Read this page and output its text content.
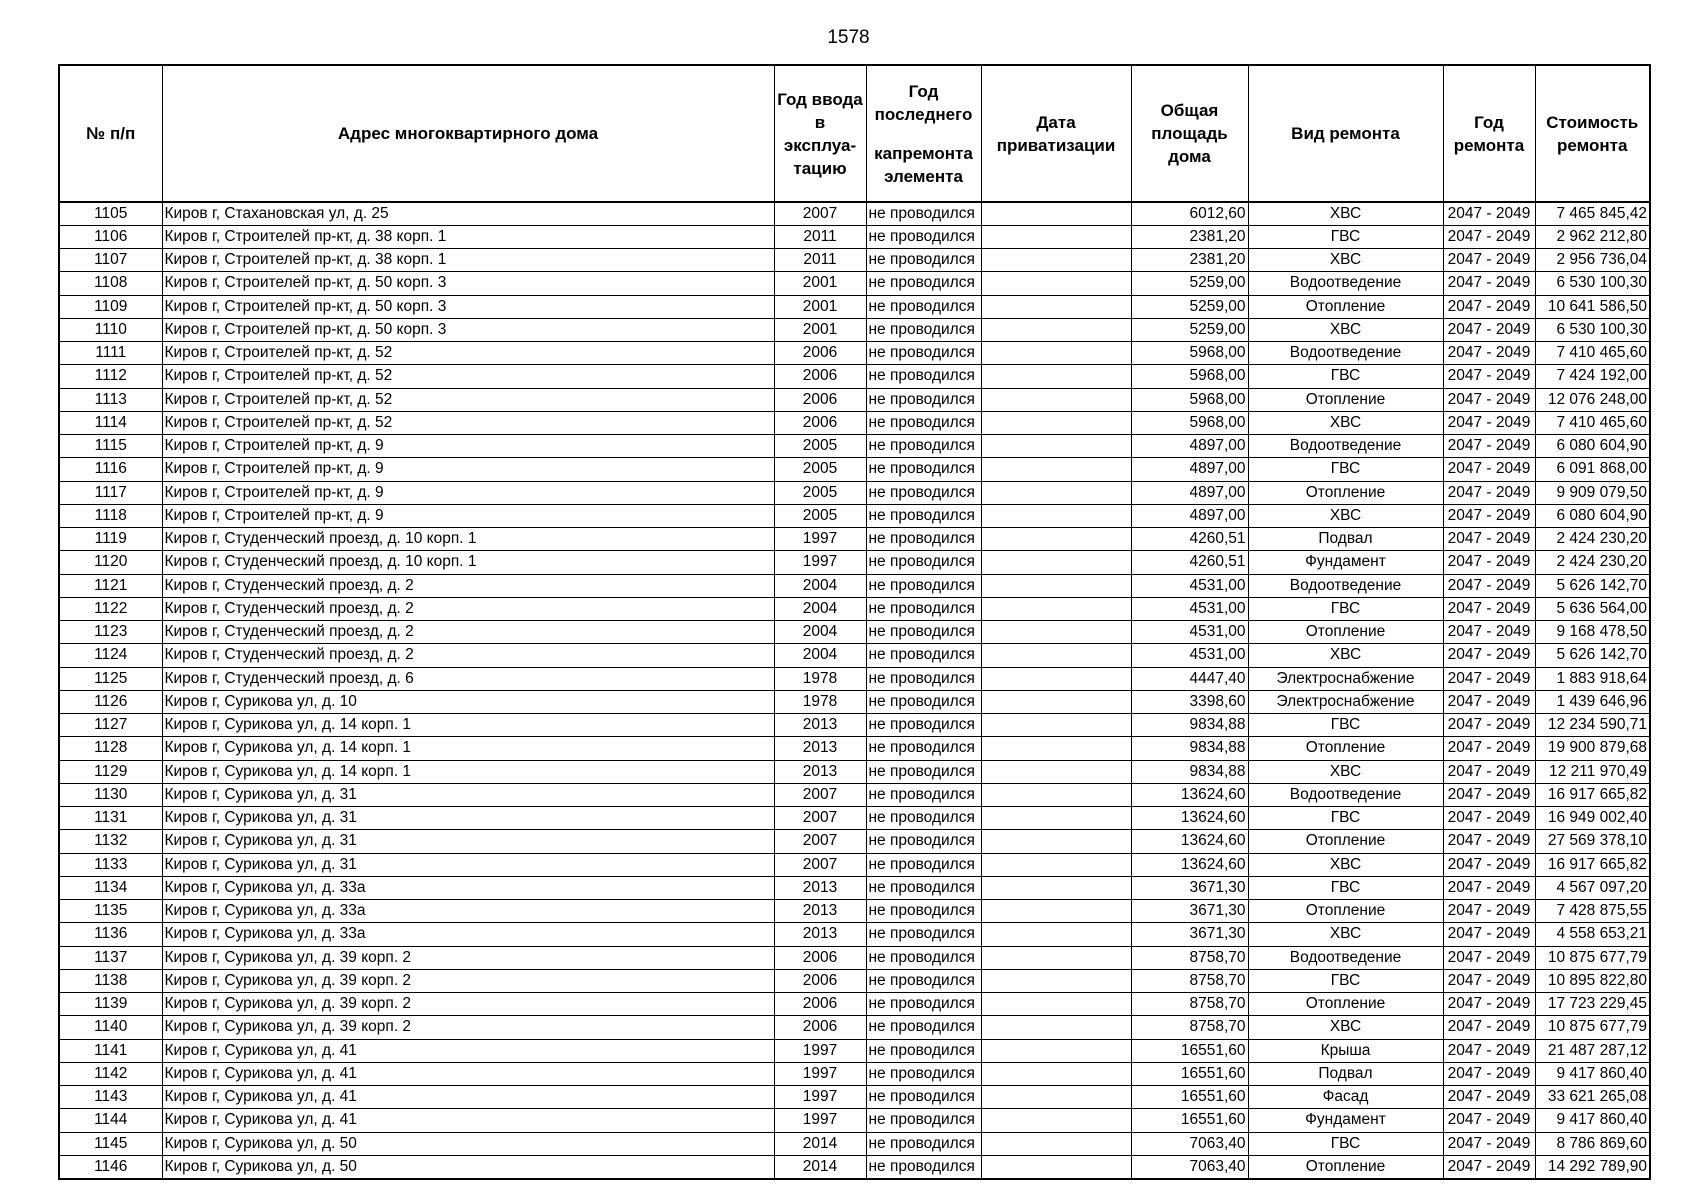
1578
№ п/п	Адрес многоквартирного дома	Год ввода в эксплуа-тацию	Год последнего
капремонта элемента	Дата приватизации	Общая площадь дома	Вид ремонта	Год ремонта	Стоимость ремонта
1105	Киров г, Стахановская ул, д. 25	2007	не проводился		6012,60	ХВС	2047 - 2049	7 465 845,42
1106	Киров г, Строителей пр-кт, д. 38 корп. 1	2011	не проводился		2381,20	ГВС	2047 - 2049	2 962 212,80
1107	Киров г, Строителей пр-кт, д. 38 корп. 1	2011	не проводился		2381,20	ХВС	2047 - 2049	2 956 736,04
1108	Киров г, Строителей пр-кт, д. 50 корп. 3	2001	не проводился		5259,00	Водоотведение	2047 - 2049	6 530 100,30
1109	Киров г, Строителей пр-кт, д. 50 корп. 3	2001	не проводился		5259,00	Отопление	2047 - 2049	10 641 586,50
1110	Киров г, Строителей пр-кт, д. 50 корп. 3	2001	не проводился		5259,00	ХВС	2047 - 2049	6 530 100,30
1111	Киров г, Строителей пр-кт, д. 52	2006	не проводился		5968,00	Водоотведение	2047 - 2049	7 410 465,60
1112	Киров г, Строителей пр-кт, д. 52	2006	не проводился		5968,00	ГВС	2047 - 2049	7 424 192,00
1113	Киров г, Строителей пр-кт, д. 52	2006	не проводился		5968,00	Отопление	2047 - 2049	12 076 248,00
1114	Киров г, Строителей пр-кт, д. 52	2006	не проводился		5968,00	ХВС	2047 - 2049	7 410 465,60
1115	Киров г, Строителей пр-кт, д. 9	2005	не проводился		4897,00	Водоотведение	2047 - 2049	6 080 604,90
1116	Киров г, Строителей пр-кт, д. 9	2005	не проводился		4897,00	ГВС	2047 - 2049	6 091 868,00
1117	Киров г, Строителей пр-кт, д. 9	2005	не проводился		4897,00	Отопление	2047 - 2049	9 909 079,50
1118	Киров г, Строителей пр-кт, д. 9	2005	не проводился		4897,00	ХВС	2047 - 2049	6 080 604,90
1119	Киров г, Студенческий проезд, д. 10 корп. 1	1997	не проводился		4260,51	Подвал	2047 - 2049	2 424 230,20
1120	Киров г, Студенческий проезд, д. 10 корп. 1	1997	не проводился		4260,51	Фундамент	2047 - 2049	2 424 230,20
1121	Киров г, Студенческий проезд, д. 2	2004	не проводился		4531,00	Водоотведение	2047 - 2049	5 626 142,70
1122	Киров г, Студенческий проезд, д. 2	2004	не проводился		4531,00	ГВС	2047 - 2049	5 636 564,00
1123	Киров г, Студенческий проезд, д. 2	2004	не проводился		4531,00	Отопление	2047 - 2049	9 168 478,50
1124	Киров г, Студенческий проезд, д. 2	2004	не проводился		4531,00	ХВС	2047 - 2049	5 626 142,70
1125	Киров г, Студенческий проезд, д. 6	1978	не проводился		4447,40	Электроснабжение	2047 - 2049	1 883 918,64
1126	Киров г, Сурикова ул, д. 10	1978	не проводился		3398,60	Электроснабжение	2047 - 2049	1 439 646,96
1127	Киров г, Сурикова ул, д. 14 корп. 1	2013	не проводился		9834,88	ГВС	2047 - 2049	12 234 590,71
1128	Киров г, Сурикова ул, д. 14 корп. 1	2013	не проводился		9834,88	Отопление	2047 - 2049	19 900 879,68
1129	Киров г, Сурикова ул, д. 14 корп. 1	2013	не проводился		9834,88	ХВС	2047 - 2049	12 211 970,49
1130	Киров г, Сурикова ул, д. 31	2007	не проводился		13624,60	Водоотведение	2047 - 2049	16 917 665,82
1131	Киров г, Сурикова ул, д. 31	2007	не проводился		13624,60	ГВС	2047 - 2049	16 949 002,40
1132	Киров г, Сурикова ул, д. 31	2007	не проводился		13624,60	Отопление	2047 - 2049	27 569 378,10
1133	Киров г, Сурикова ул, д. 31	2007	не проводился		13624,60	ХВС	2047 - 2049	16 917 665,82
1134	Киров г, Сурикова ул, д. 33а	2013	не проводился		3671,30	ГВС	2047 - 2049	4 567 097,20
1135	Киров г, Сурикова ул, д. 33а	2013	не проводился		3671,30	Отопление	2047 - 2049	7 428 875,55
1136	Киров г, Сурикова ул, д. 33а	2013	не проводился		3671,30	ХВС	2047 - 2049	4 558 653,21
1137	Киров г, Сурикова ул, д. 39 корп. 2	2006	не проводился		8758,70	Водоотведение	2047 - 2049	10 875 677,79
1138	Киров г, Сурикова ул, д. 39 корп. 2	2006	не проводился		8758,70	ГВС	2047 - 2049	10 895 822,80
1139	Киров г, Сурикова ул, д. 39 корп. 2	2006	не проводился		8758,70	Отопление	2047 - 2049	17 723 229,45
1140	Киров г, Сурикова ул, д. 39 корп. 2	2006	не проводился		8758,70	ХВС	2047 - 2049	10 875 677,79
1141	Киров г, Сурикова ул, д. 41	1997	не проводился		16551,60	Крыша	2047 - 2049	21 487 287,12
1142	Киров г, Сурикова ул, д. 41	1997	не проводился		16551,60	Подвал	2047 - 2049	9 417 860,40
1143	Киров г, Сурикова ул, д. 41	1997	не проводился		16551,60	Фасад	2047 - 2049	33 621 265,08
1144	Киров г, Сурикова ул, д. 41	1997	не проводился		16551,60	Фундамент	2047 - 2049	9 417 860,40
1145	Киров г, Сурикова ул, д. 50	2014	не проводился		7063,40	ГВС	2047 - 2049	8 786 869,60
1146	Киров г, Сурикова ул, д. 50	2014	не проводился		7063,40	Отопление	2047 - 2049	14 292 789,90
